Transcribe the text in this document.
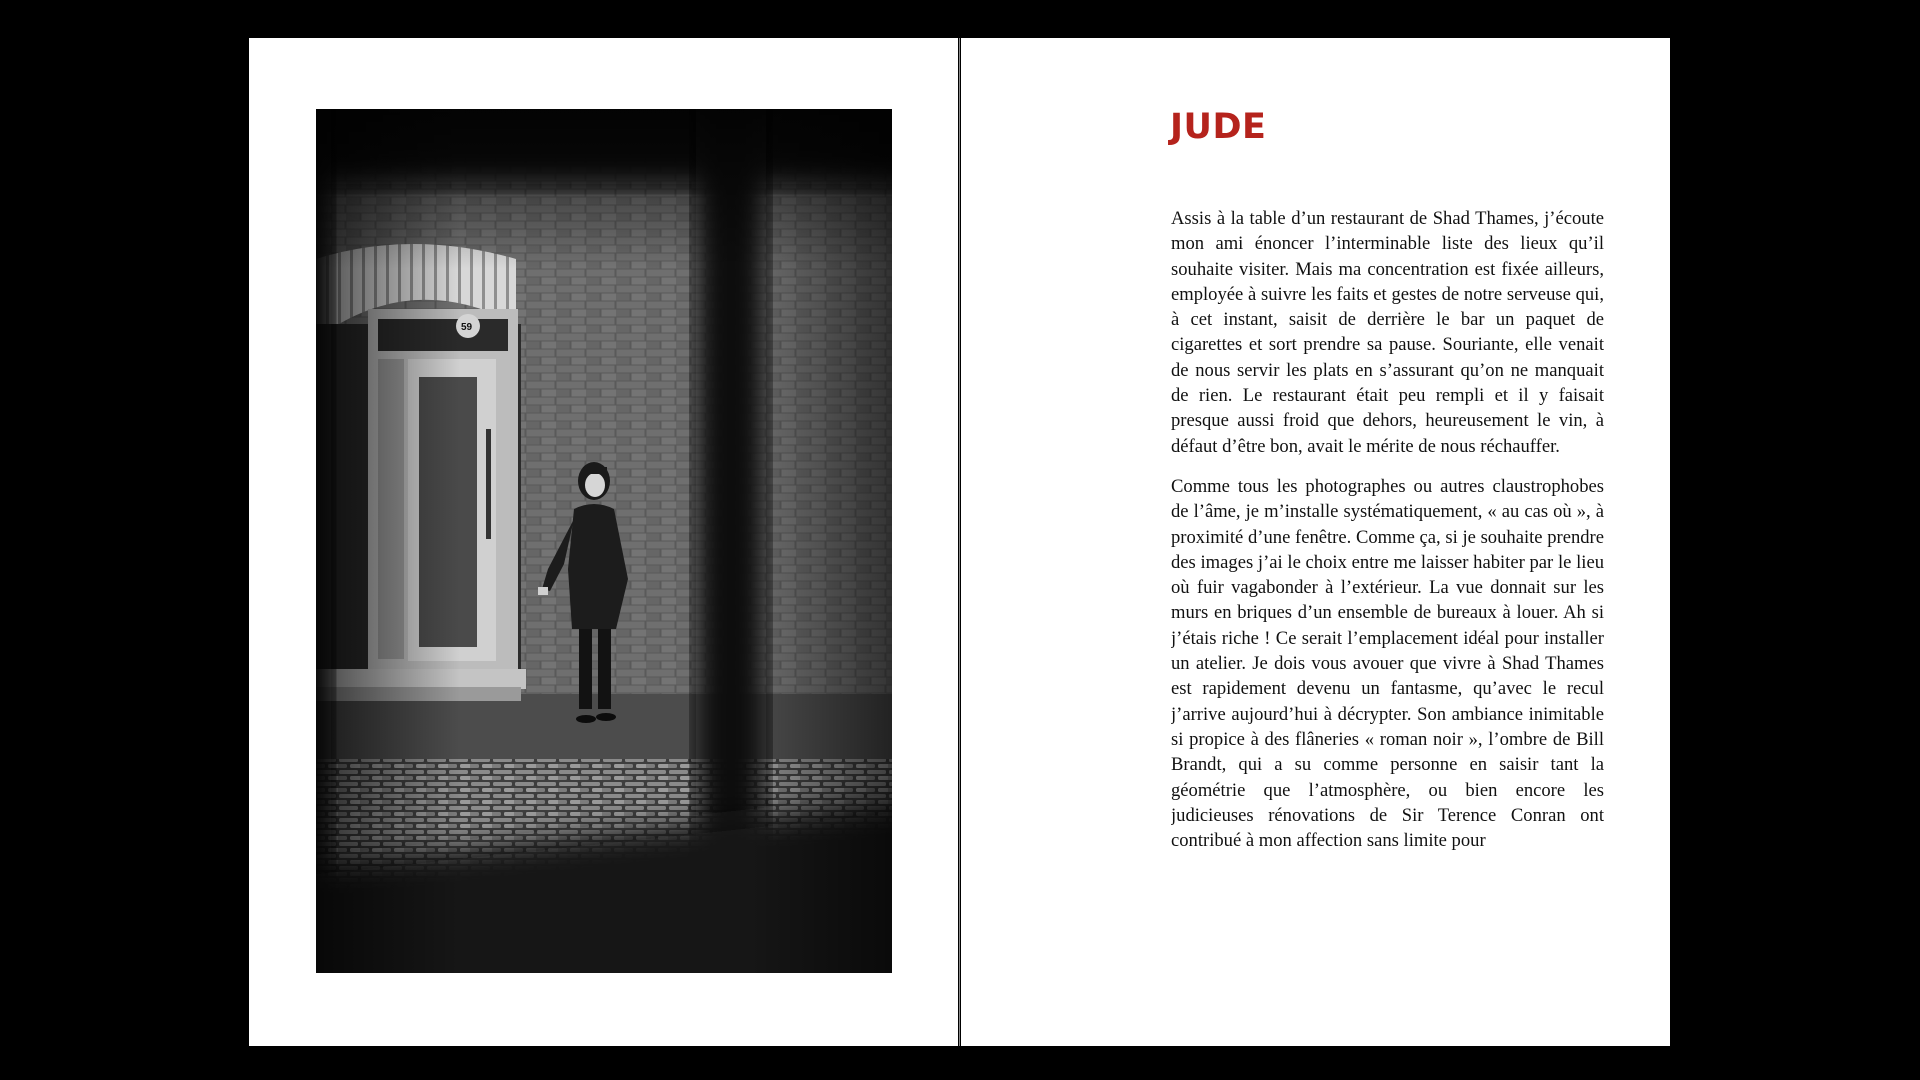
JUDE

Assis à la table d’un restaurant de Shad Thames, j’écoute mon ami énoncer l’interminable liste des lieux qu’il souhaite visiter. Mais ma concentration est fixée ailleurs, employée à suivre les faits et gestes de notre serveuse qui, à cet instant, saisit de derrière le bar un paquet de cigarettes et sort prendre sa pause. Souriante, elle venait de nous servir les plats en s’assurant qu’on ne manquait de rien. Le restaurant était peu rempli et il y faisait presque aussi froid que dehors, heureusement le vin, à défaut d’être bon, avait le mérite de nous réchauffer.

Comme tous les photographes ou autres claustrophobes de l’âme, je m’installe systématiquement, « au cas où », à proximité d’une fenêtre. Comme ça, si je souhaite prendre des images j’ai le choix entre me laisser habiter par le lieu où fuir vagabonder à l’extérieur. La vue donnait sur les murs en briques d’un ensemble de bureaux à louer. Ah si j’étais riche ! Ce serait l’emplacement idéal pour installer un atelier. Je dois vous avouer que vivre à Shad Thames est rapidement devenu un fantasme, qu’avec le recul j’arrive aujourd’hui à décrypter. Son ambiance inimitable si propice à des flâneries « roman noir », l’ombre de Bill Brandt, qui a su comme personne en saisir tant la géométrie que l’atmosphère, ou bien encore les judicieuses rénovations de Sir Terence Conran ont contribué à mon affection sans limite pour
